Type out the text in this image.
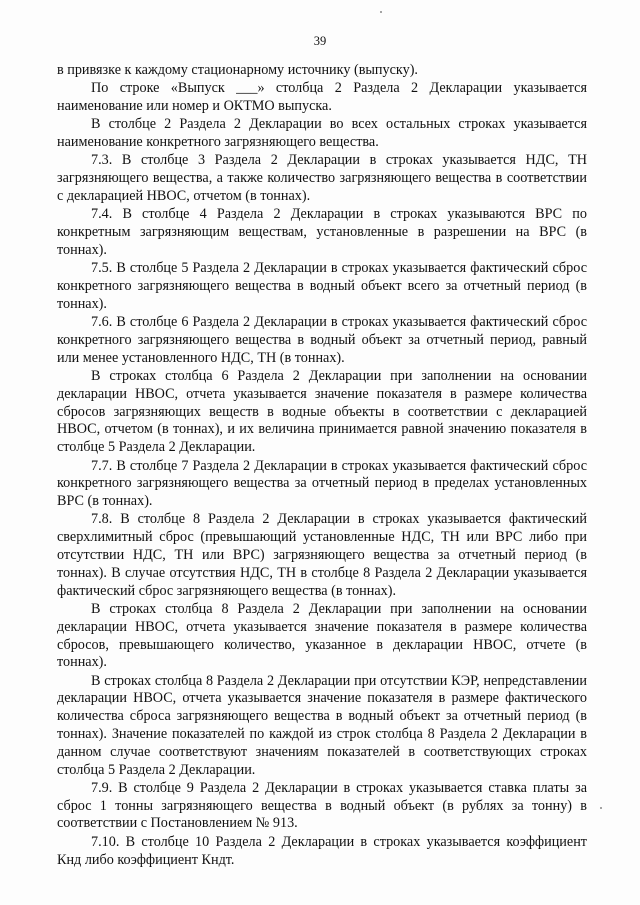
39

в привязке к каждому стационарному источнику (выпуску).

По строке «Выпуск ___» столбца 2 Раздела 2 Декларации указывается наименование или номер и ОКТМО выпуска.

В столбце 2 Раздела 2 Декларации во всех остальных строках указывается наименование конкретного загрязняющего вещества.

7.3. В столбце 3 Раздела 2 Декларации в строках указывается НДС, ТН загрязняющего вещества, а также количество загрязняющего вещества в соответствии с декларацией НВОС, отчетом (в тоннах).

7.4. В столбце 4 Раздела 2 Декларации в строках указываются ВРС по конкретным загрязняющим веществам, установленные в разрешении на ВРС (в тоннах).

7.5. В столбце 5 Раздела 2 Декларации в строках указывается фактический сброс конкретного загрязняющего вещества в водный объект всего за отчетный период (в тоннах).

7.6. В столбце 6 Раздела 2 Декларации в строках указывается фактический сброс конкретного загрязняющего вещества в водный объект за отчетный период, равный или менее установленного НДС, ТН (в тоннах).

В строках столбца 6 Раздела 2 Декларации при заполнении на основании декларации НВОС, отчета указывается значение показателя в размере количества сбросов загрязняющих веществ в водные объекты в соответствии с декларацией НВОС, отчетом (в тоннах), и их величина принимается равной значению показателя в столбце 5 Раздела 2 Декларации.

7.7. В столбце 7 Раздела 2 Декларации в строках указывается фактический сброс конкретного загрязняющего вещества за отчетный период в пределах установленных ВРС (в тоннах).

7.8. В столбце 8 Раздела 2 Декларации в строках указывается фактический сверхлимитный сброс (превышающий установленные НДС, ТН или ВРС либо при отсутствии НДС, ТН или ВРС) загрязняющего вещества за отчетный период (в тоннах). В случае отсутствия НДС, ТН в столбце 8 Раздела 2 Декларации указывается фактический сброс загрязняющего вещества (в тоннах).

В строках столбца 8 Раздела 2 Декларации при заполнении на основании декларации НВОС, отчета указывается значение показателя в размере количества сбросов, превышающего количество, указанное в декларации НВОС, отчете (в тоннах).

В строках столбца 8 Раздела 2 Декларации при отсутствии КЭР, непредставлении декларации НВОС, отчета указывается значение показателя в размере фактического количества сброса загрязняющего вещества в водный объект за отчетный период (в тоннах). Значение показателей по каждой из строк столбца 8 Раздела 2 Декларации в данном случае соответствуют значениям показателей в соответствующих строках столбца 5 Раздела 2 Декларации.

7.9. В столбце 9 Раздела 2 Декларации в строках указывается ставка платы за сброс 1 тонны загрязняющего вещества в водный объект (в рублях за тонну) в соответствии с Постановлением № 913.

7.10. В столбце 10 Раздела 2 Декларации в строках указывается коэффициент Кнд либо коэффициент Кндт.
